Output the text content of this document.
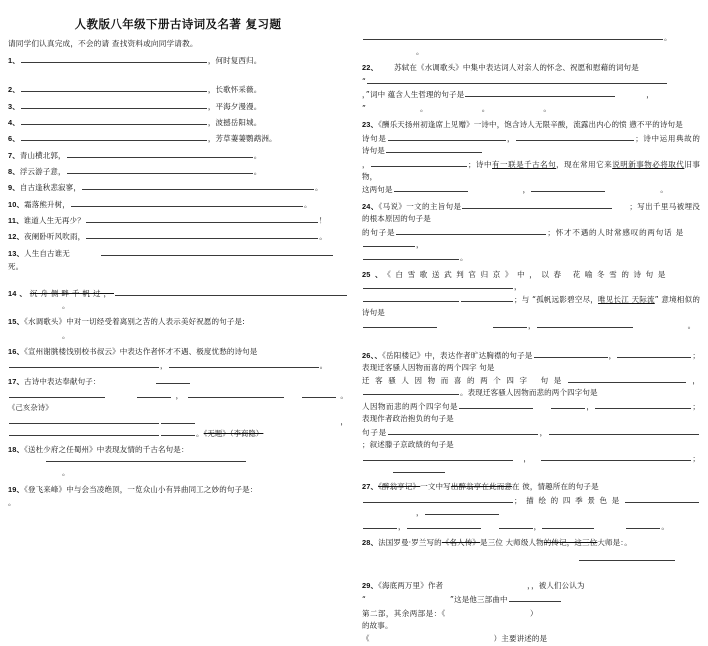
人教版八年级下册古诗词及名著 复习题
请同学们认真完成，不会的请 查找资料或向同学请教。
1、	，何时复西归。
2、	，长歌怀采薇。
3、	，平海夕漫漫。
4、	，波撼岳阳城。
6、	，芳草萋萋鹦鹉洲。
7、青山横北郭，	。
8、浮云游子意，	。
9、自古逢秋悲寂寥，	。
10、霜落熊升树，	。
11、谁道人生无再少？	！
12、夜阑卧听风吹雨，	。
13、人生自古谁无
死。
14、沉舟侧畔千帆过，。
15、《水调歌头》中对一切经受着离别之苦的人表示美好祝愿的句子是:
。
16、《宣州谢朓楼饯别校书叔云》中表达作者怀才不遇、极度忧愁的诗句是
，	。
17、古诗中表达奉献句子：
，	。《己亥杂诗》
，。《无题》（李商隐）
18、《送杜少府之任蜀州》中表现友情的千古名句是：
。
19、《登飞来峰》中与会当凌绝顶，一览众山小有异曲同工之妙的句子是：
。
。
。
22、 苏轼在《水调歌头》中集中表达词人对亲人的怀念、祝愿和慰藉的词句是
“
，”词中 蕴含人生哲理的句子是	，
”	。	。	。
23、《酬乐天扬州初逢席上见赠》一诗中，饱含诗人无限辛酸，流露出内心的愤 懑不平的诗句是
诗句是	，	；诗中运用典故的诗句是
，	；诗中有一联是千古名句，现在常用它来说明新事物必将取代旧事物，
这两句是	，	。
24、《马说》一文的主旨句是	；写出千里马被埋没的根本原因的句子是
的句子是	；怀才不遇的人时常感叹的两句话 是，
。
25、《白雪歌送武判官归京》中，以春 花喻冬雪的诗句是，
；与 “孤帆远影碧空尽，唯见长江 天际流” 意境相似的诗句是
，	。
26、、《岳阳楼记》中，表达作者旷达胸襟的句子是	，	；表现迁客骚人因物而喜的两个四字 句是
迁客骚人因物而喜的两个四字 句是	，。表现迁客骚人因物而悲的两个四字句是
人因物而悲的两个四字句是	，	；表现作者政治抱负的句子是
句子是	，；叙述滕子京政绩的句子是
，	；
27、《醉翁亭记》一文中写出醉翁亭在此而意在 彼，情趣所在的句子是
；描绘的四季景色是，
，	，	。
28、法国罗曼·罗兰写的《名人传》是三位 大师级人物的传记，这三位大师是：。
29、《海底两万里》作者	，，被人们公认为
“	”这是他三部曲中
第二部，其余两部是：《	）的故事。
《	）主要讲述的是
